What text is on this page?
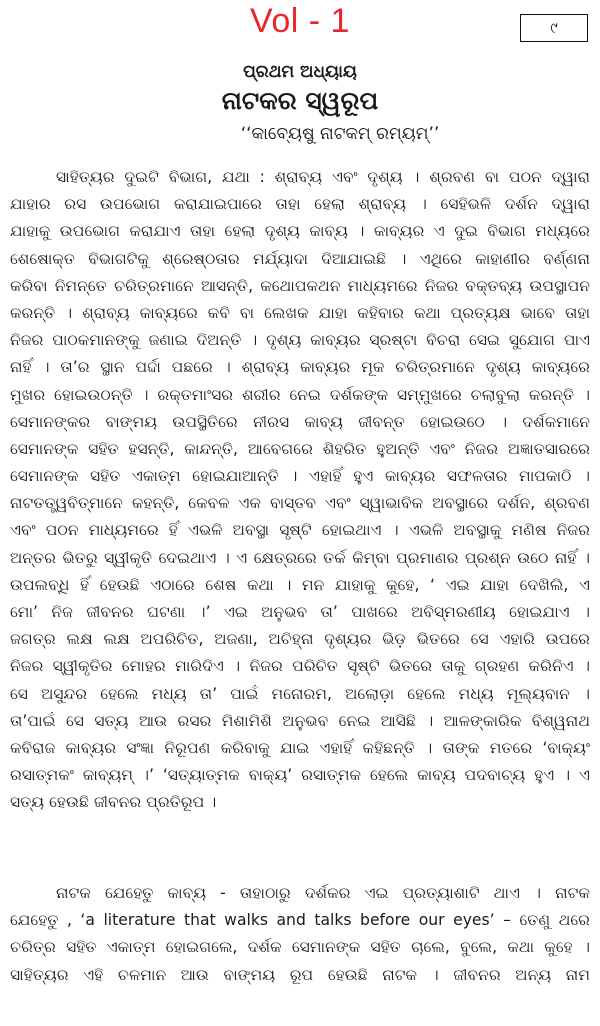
Vol - 1	୯
ପ୍ରଥମ ଅଧ୍ୟାୟ
ନାଟକର ସ୍ୱରୂପ
‘‘କାବ୍ୟେଷୁ ନାଟକମ୍‌ ରମ୍ୟମ୍‌’’
ସାହିତ୍ୟର ଦୁଇଟି ବିଭାଗ, ଯଥା : ଶ୍ରାବ୍ୟ ଏବଂ ଦୃଶ୍ୟ । ଶ୍ରବଣ ବା ପଠନ ଦ୍ୱାରା
ଯାହାର ରସ ଉପଭୋଗ କରାଯାଇପାରେ ତାହା ହେଲା ଶ୍ରାବ୍ୟ । ସେହିଭଳି ଦର୍ଶନ ଦ୍ୱାରା
ଯାହାକୁ ଉପଭୋଗ କରାଯାଏ ତାହା ହେଲା ଦୃଶ୍ୟ କାବ୍ୟ । କାବ୍ୟର ଏ ଦୁଇ ବିଭାଗ ମଧ୍ୟରେ
ଶେଷୋକ୍ତ ବିଭାଗଟିକୁ ଶ୍ରେଷ୍ଠତାର ମର୍ଯ୍ୟାଦା ଦିଆଯାଇଛି । ଏଥିରେ କାହାଣୀର ବର୍ଣ୍ଣନା
କରିବା ନିମନ୍ତେ ଚରିତ୍ରମାନେ ଆସନ୍ତି, କଥୋପକଥନ ମାଧ୍ୟମରେ ନିଜର ବକ୍ତବ୍ୟ ଉପସ୍ଥାପନ
କରନ୍ତି । ଶ୍ରାବ୍ୟ କାବ୍ୟରେ କବି ବା ଲେଖକ ଯାହା କହିବାର କଥା ପ୍ରତ୍ୟକ୍ଷ ଭାବେ ତାହା
ନିଜର ପାଠକମାନଙ୍କୁ ଜଣାଇ ଦିଅନ୍ତି । ଦୃଶ୍ୟ କାବ୍ୟର ସ୍ରଷ୍ଟା ବିଚରା ସେଇ ସୁଯୋଗ ପାଏ
ନାହିଁ । ତା’ର ସ୍ଥାନ ପର୍ଦ୍ଦା ପଛରେ । ଶ୍ରାବ୍ୟ କାବ୍ୟର ମୂକ ଚରିତ୍ରମାନେ ଦୃଶ୍ୟ କାବ୍ୟରେ
ମୁଖର ହୋଇଉଠନ୍ତି । ରକ୍ତମାଂସର ଶରୀର ନେଇ ଦର୍ଶକଙ୍କ ସମ୍ମୁଖରେ ଚଲାବୁଲା କରନ୍ତି ।
ସେମାନଙ୍କର ବାଙ୍ମୟ ଉପସ୍ଥିତିରେ ନୀରସ କାବ୍ୟ ଜୀବନ୍ତ ହୋଇଉଠେ । ଦର୍ଶକମାନେ
ସେମାନଙ୍କ ସହିତ ହସନ୍ତି, କାନ୍ଦନ୍ତି, ଆବେଗରେ ଶିହରିତ ହୁଅନ୍ତି ଏବଂ ନିଜର ଅଜ୍ଞାତସାରରେ
ସେମାନଙ୍କ ସହିତ ଏକାତ୍ମ ହୋଇଯାଆନ୍ତି । ଏହାହିଁ ହୁଏ କାବ୍ୟର ସଫଳତାର ମାପକାଠି ।
ନାଟତତ୍ତ୍ୱବିତ୍‌ମାନେ କହନ୍ତି, କେବଳ ଏକ ବାସ୍ତବ ଏବଂ ସ୍ୱାଭାବିକ ଅବସ୍ଥାରେ ଦର୍ଶନ, ଶ୍ରବଣ
ଏବଂ ପଠନ ମାଧ୍ୟମରେ ହିଁ ଏଭଳି ଅବସ୍ଥା ସୃଷ୍ଟି ହୋଇଥାଏ । ଏଭଳି ଅବସ୍ଥାକୁ ମଣିଷ ନିଜର
ଅନ୍ତର ଭିତରୁ ସ୍ୱୀକୃତି ଦେଇଥାଏ । ଏ କ୍ଷେତ୍ରରେ ତର୍କ କିମ୍ବା ପ୍ରମାଣର ପ୍ରଶ୍ନ ଉଠେ ନାହିଁ ।
ଉପଲବ୍ଧି ହିଁ ହେଉଛି ଏଠାରେ ଶେଷ କଥା । ମନ ଯାହାକୁ କୁହେ, ‘ ଏଇ ଯାହା ଦେଖିଲି, ଏ
ମୋ’ ନିଜ ଜୀବନର ଘଟଣା ।’ ଏଇ ଅନୁଭବ ତା’ ପାଖରେ ଅବିସ୍ମରଣୀୟ ହୋଇଯାଏ ।
ଜଗତ୍‌ର ଲକ୍ଷ ଲକ୍ଷ ଅପରିଚିତ, ଅଜଣା, ଅଚିହ୍ନା ଦୃଶ୍ୟର ଭିଡ଼ ଭିତରେ ସେ ଏହାରି ଉପରେ
ନିଜର ସ୍ୱୀକୃତିର ମୋହର ମାରିଦିଏ । ନିଜର ପରିଚିତ ସୃଷ୍ଟି ଭିତରେ ତାକୁ ଗ୍ରହଣ କରିନିଏ ।
ସେ ଅସୁନ୍ଦର ହେଲେ ମଧ୍ୟ ତା’ ପାଇଁ ମନୋରମ, ଅଲୋଡ଼ା ହେଲେ ମଧ୍ୟ ମୂଲ୍ୟବାନ ।
ତା’ପାଇଁ ସେ ସତ୍ୟ ଆଉ ରସର ମିଶାମିଶି ଅନୁଭବ ନେଇ ଆସିଛି । ଆଳଙ୍କାରିକ ବିଶ୍ୱନାଥ
କବିରାଜ କାବ୍ୟର ସଂଜ୍ଞା ନିରୂପଣ କରିବାକୁ ଯାଇ ଏହାହିଁ କହିଛନ୍ତି । ତାଙ୍କ ମତରେ ‘ବାକ୍ୟଂ
ରସାତ୍ମକଂ କାବ୍ୟମ୍‌ ।’ ‘ସତ୍ୟାତ୍ମକ ବାକ୍ୟ’ ରସାତ୍ମକ ହେଲେ କାବ୍ୟ ପଦବାଚ୍ୟ ହୁଏ । ଏ
ସତ୍ୟ ହେଉଛି ଜୀବନର ପ୍ରତିରୂପ ।
ନାଟକ ଯେହେତୁ କାବ୍ୟ - ତାହାଠାରୁ ଦର୍ଶକର ଏଇ ପ୍ରତ୍ୟାଶାଟି ଥାଏ । ନାଟକ
ଯେହେତୁ , ‘a literature that walks and talks before our eyes’ – ତେଣୁ ଥରେ
ଚରିତ୍ର ସହିତ ଏକାତ୍ମ ହୋଇଗଲେ, ଦର୍ଶକ ସେମାନଙ୍କ ସହିତ ଚାଲେ, ବୁଲେ, କଥା କୁହେ ।
ସାହିତ୍ୟର ଏହି ଚଳମାନ ଆଉ ବାଙ୍ମୟ ରୂପ ହେଉଛି ନାଟକ । ଜୀବନର ଅନ୍ୟ ନାମ
